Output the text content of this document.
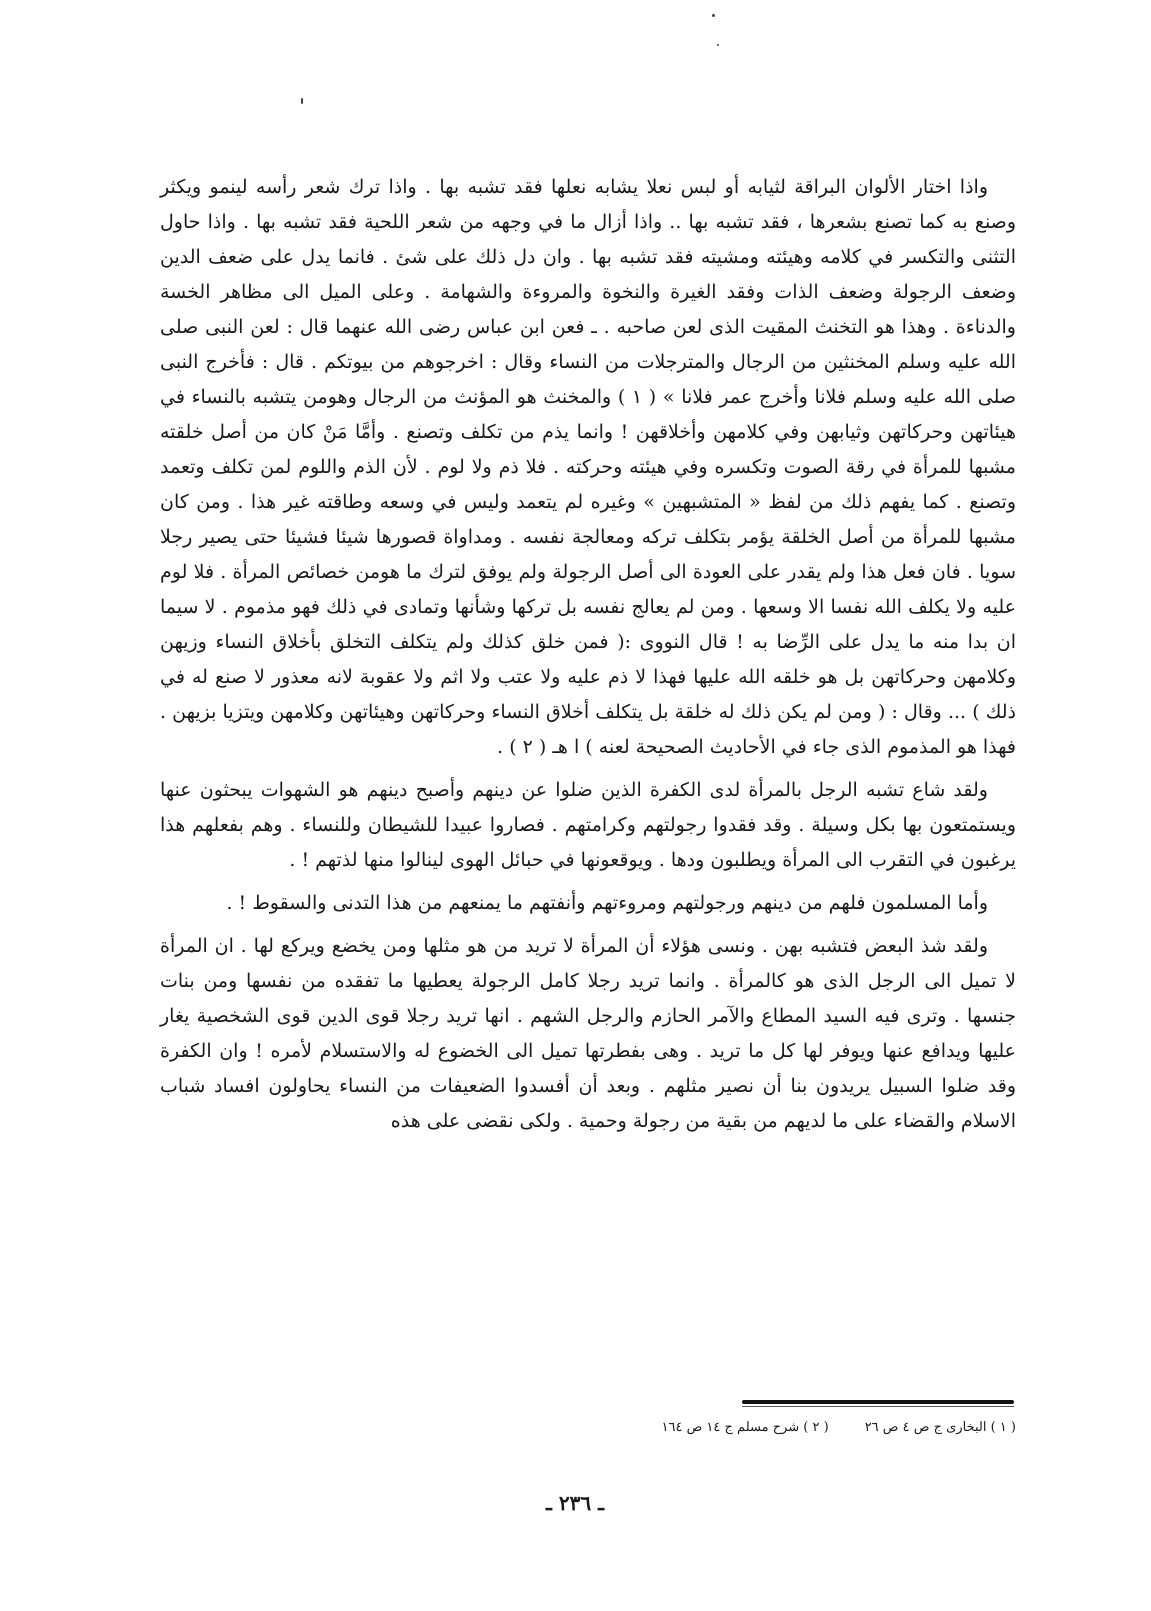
واذا اختار الألوان البراقة لثيابه أو لبس نعلا يشابه نعلها فقد تشبه بها . واذا ترك شعر رأسه لينمو ويكثر وصنع به كما تصنع بشعرها ، فقد تشبه بها .. واذا أزال ما في وجهه من شعر اللحية فقد تشبه بها . واذا حاول التثنى والتكسر في كلامه وهيئته ومشيته فقد تشبه بها . وان دل ذلك على شئ . فانما يدل على ضعف الدين وضعف الرجولة وضعف الذات وفقد الغيرة والنخوة والمروءة والشهامة . وعلى الميل الى مظاهر الخسة والدناءة . وهذا هو التخنث المقيت الذى لعن صاحبه . ـ فعن ابن عباس رضى الله عنهما قال : لعن النبى صلى الله عليه وسلم المخنثين من الرجال والمترجلات من النساء وقال : اخرجوهم من بيوتكم . قال : فأخرج النبى صلى الله عليه وسلم فلانا وأخرج عمر فلانا » ( ١ ) والمخنث هو المؤنث من الرجال وهومن يتشبه بالنساء في هيئاتهن وحركاتهن وثيابهن وفي كلامهن وأخلاقهن ! وانما يذم من تكلف وتصنع . وأمَّا مَنْ كان من أصل خلقته مشبها للمرأة في رقة الصوت وتكسره وفي هيئته وحركته . فلا ذم ولا لوم . لأن الذم واللوم لمن تكلف وتعمد وتصنع . كما يفهم ذلك من لفظ « المتشبهين » وغيره لم يتعمد وليس في وسعه وطاقته غير هذا . ومن كان مشبها للمرأة من أصل الخلقة يؤمر بتكلف تركه ومعالجة نفسه . ومداواة قصورها شيئا فشيئا حتى يصير رجلا سويا . فان فعل هذا ولم يقدر على العودة الى أصل الرجولة ولم يوفق لترك ما هومن خصائص المرأة . فلا لوم عليه ولا يكلف الله نفسا الا وسعها . ومن لم يعالج نفسه بل تركها وشأنها وتمادى في ذلك فهو مذموم . لا سيما ان بدا منه ما يدل على الرِّضا به ! قال النووى :( فمن خلق كذلك ولم يتكلف التخلق بأخلاق النساء وزيهن وكلامهن وحركاتهن بل هو خلقه الله عليها فهذا لا ذم عليه ولا عتب ولا اثم ولا عقوبة لانه معذور لا صنع له في ذلك ) ... وقال : ( ومن لم يكن ذلك له خلقة بل يتكلف أخلاق النساء وحركاتهن وهيئاتهن وكلامهن ويتزيا بزيهن . فهذا هو المذموم الذى جاء في الأحاديث الصحيحة لعنه ) ا هـ ( ٢ ) .

ولقد شاع تشبه الرجل بالمرأة لدى الكفرة الذين ضلوا عن دينهم وأصبح دينهم هو الشهوات يبحثون عنها ويستمتعون بها بكل وسيلة . وقد فقدوا رجولتهم وكرامتهم . فصاروا عبيدا للشيطان وللنساء . وهم بفعلهم هذا يرغبون في التقرب الى المرأة ويطلبون ودها . ويوقعونها في حبائل الهوى لينالوا منها لذتهم ! .

وأما المسلمون فلهم من دينهم ورجولتهم ومروءتهم وأنفتهم ما يمنعهم من هذا التدنى والسقوط ! .

ولقد شذ البعض فتشبه بهن . ونسى هؤلاء أن المرأة لا تريد من هو مثلها ومن يخضع ويركع لها . ان المرأة لا تميل الى الرجل الذى هو كالمرأة . وانما تريد رجلا كامل الرجولة يعطيها ما تفقده من نفسها ومن بنات جنسها . وترى فيه السيد المطاع والآمر الحازم والرجل الشهم . انها تريد رجلا قوى الدين قوى الشخصية يغار عليها ويدافع عنها ويوفر لها كل ما تريد . وهى بفطرتها تميل الى الخضوع له والاستسلام لأمره ! وان الكفرة وقد ضلوا السبيل يريدون بنا أن نصير مثلهم . وبعد أن أفسدوا الضعيفات من النساء يحاولون افساد شباب الاسلام والقضاء على ما لديهم من بقية من رجولة وحمية . ولكى نقضى على هذه

( ١ ) البخارى ج ص ٤ ص ٢٦( ٢ ) شرح مسلم ج ١٤ ص ١٦٤
ـ ٢٣٦ ـ
